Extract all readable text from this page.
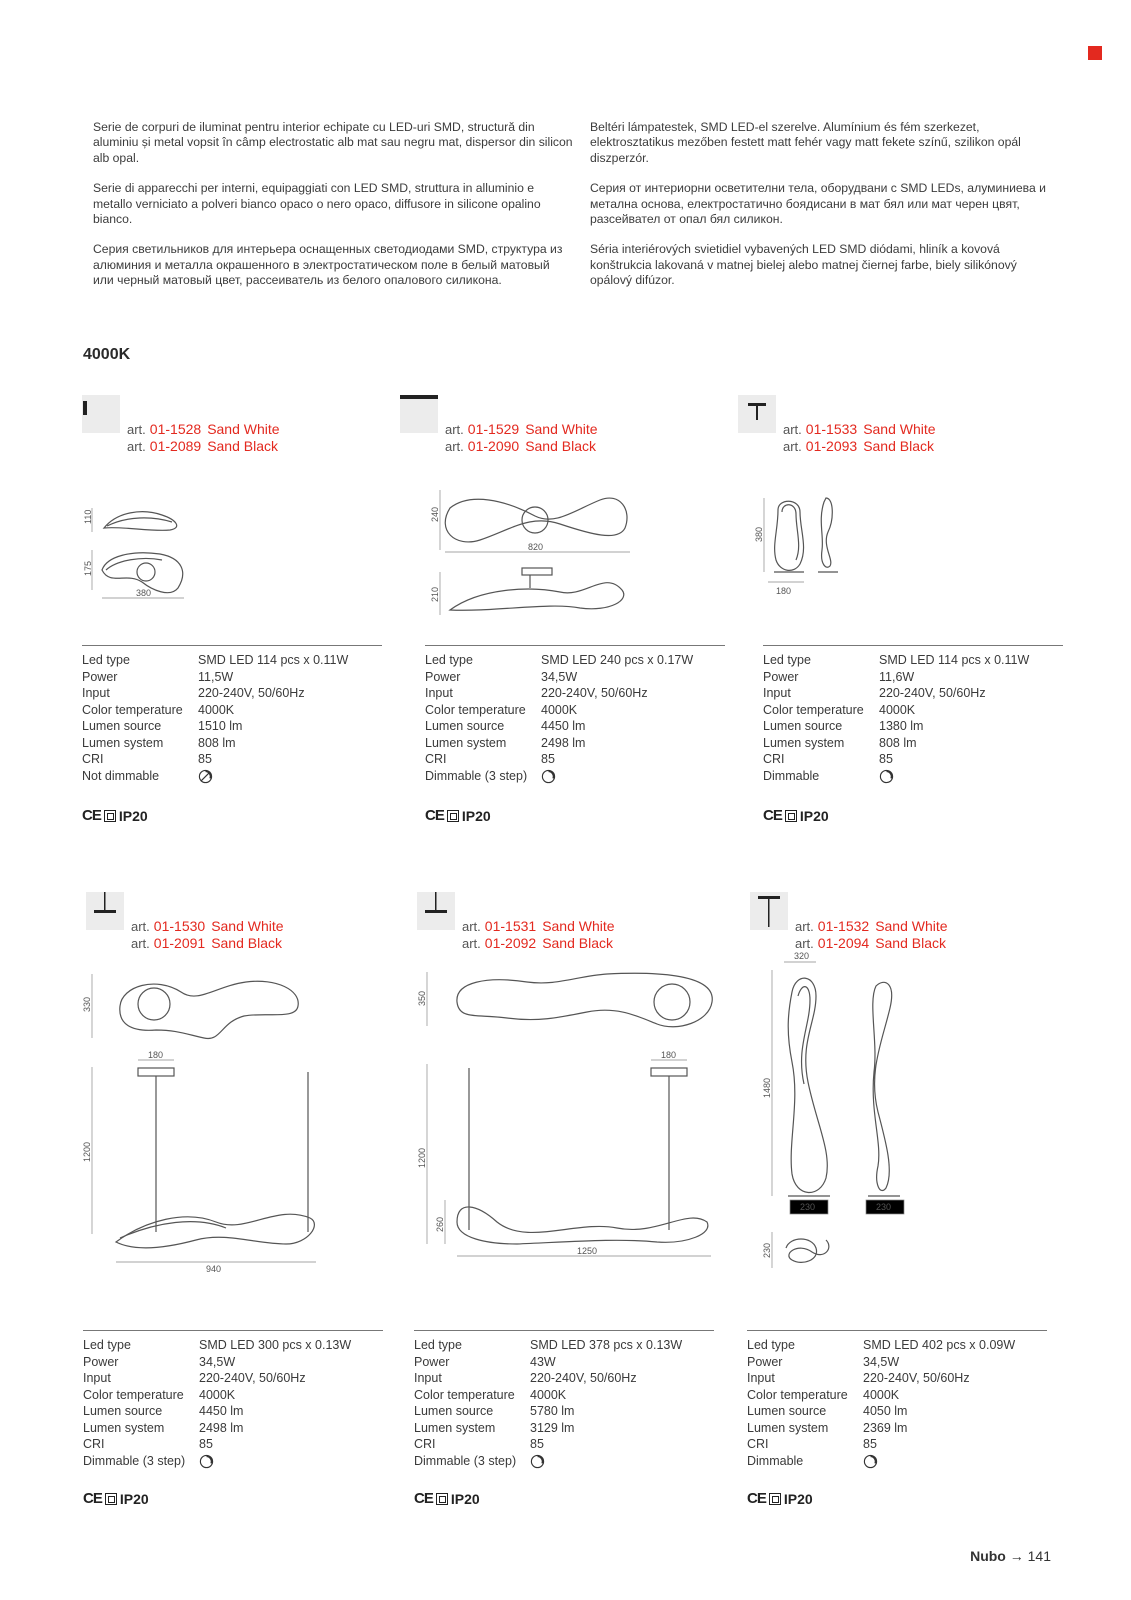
Serie de corpuri de iluminat pentru interior echipate cu LED-uri SMD, structură din aluminiu și metal vopsit în câmp electrostatic alb mat sau negru mat, dispersor din silicon alb opal.

Serie di apparecchi per interni, equipaggiati con LED SMD, struttura in alluminio e metallo verniciato a polveri bianco opaco o nero opaco, diffusore in silicone opalino bianco.

Серия светильников для интерьера оснащенных светодиодами SMD, структура из алюминия и металла окрашенного в электростатическом поле в белый матовый или черный матовый цвет, рассеиватель из белого опалового силикона.

Beltéri lámpatestek, SMD LED-el szerelve. Alumínium és fém szerkezet, elektrosztatikus mezőben festett matt fehér vagy matt fekete színű, szilikon opál diszperzór.

Серия от интериорни осветителни тела, оборудвани с SMD LEDs, алуминиева и метална основа, електростатично боядисани в мат бял или мат черен цвят, разсейвател от опал бял силикон.

Séria interiérových svietidiel vybavených LED SMD diódami, hliník a kovová konštrukcia lakovaná v matnej bielej alebo matnej čiernej farbe, biely silikónový opálový difúzor.

4000K
art. 01-1528 Sand White
art. 01-2089 Sand Black
110
175
380
Led type	SMD LED 114 pcs x 0.11W
Power	11,5W
Input	220-240V, 50/60Hz
Color temperature	4000K
Lumen source	1510 lm
Lumen system	808 lm
CRI	85
Not dimmable
CE IP20
art. 01-1529 Sand White
art. 01-2090 Sand Black
240
820
210
Led type	SMD LED 240 pcs x 0.17W
Power	34,5W
Input	220-240V, 50/60Hz
Color temperature	4000K
Lumen source	4450 lm
Lumen system	2498 lm
CRI	85
Dimmable (3 step)
CE IP20
art. 01-1533 Sand White
art. 01-2093 Sand Black
380
180
Led type	SMD LED 114 pcs x 0.11W
Power	11,6W
Input	220-240V, 50/60Hz
Color temperature	4000K
Lumen source	1380 lm
Lumen system	808 lm
CRI	85
Dimmable
CE IP20
art. 01-1530 Sand White
art. 01-2091 Sand Black
330
180
1200
940
Led type	SMD LED 300 pcs x 0.13W
Power	34,5W
Input	220-240V, 50/60Hz
Color temperature	4000K
Lumen source	4450 lm
Lumen system	2498 lm
CRI	85
Dimmable (3 step)
CE IP20
art. 01-1531 Sand White
art. 01-2092 Sand Black
350
180
1200
260
1250
Led type	SMD LED 378 pcs x 0.13W
Power	43W
Input	220-240V, 50/60Hz
Color temperature	4000K
Lumen source	5780 lm
Lumen system	3129 lm
CRI	85
Dimmable (3 step)
CE IP20
art. 01-1532 Sand White
art. 01-2094 Sand Black
320
1480
230	230
230
Led type	SMD LED 402 pcs x 0.09W
Power	34,5W
Input	220-240V, 50/60Hz
Color temperature	4000K
Lumen source	4050 lm
Lumen system	2369 lm
CRI	85
Dimmable
CE IP20
Nubo → 141
